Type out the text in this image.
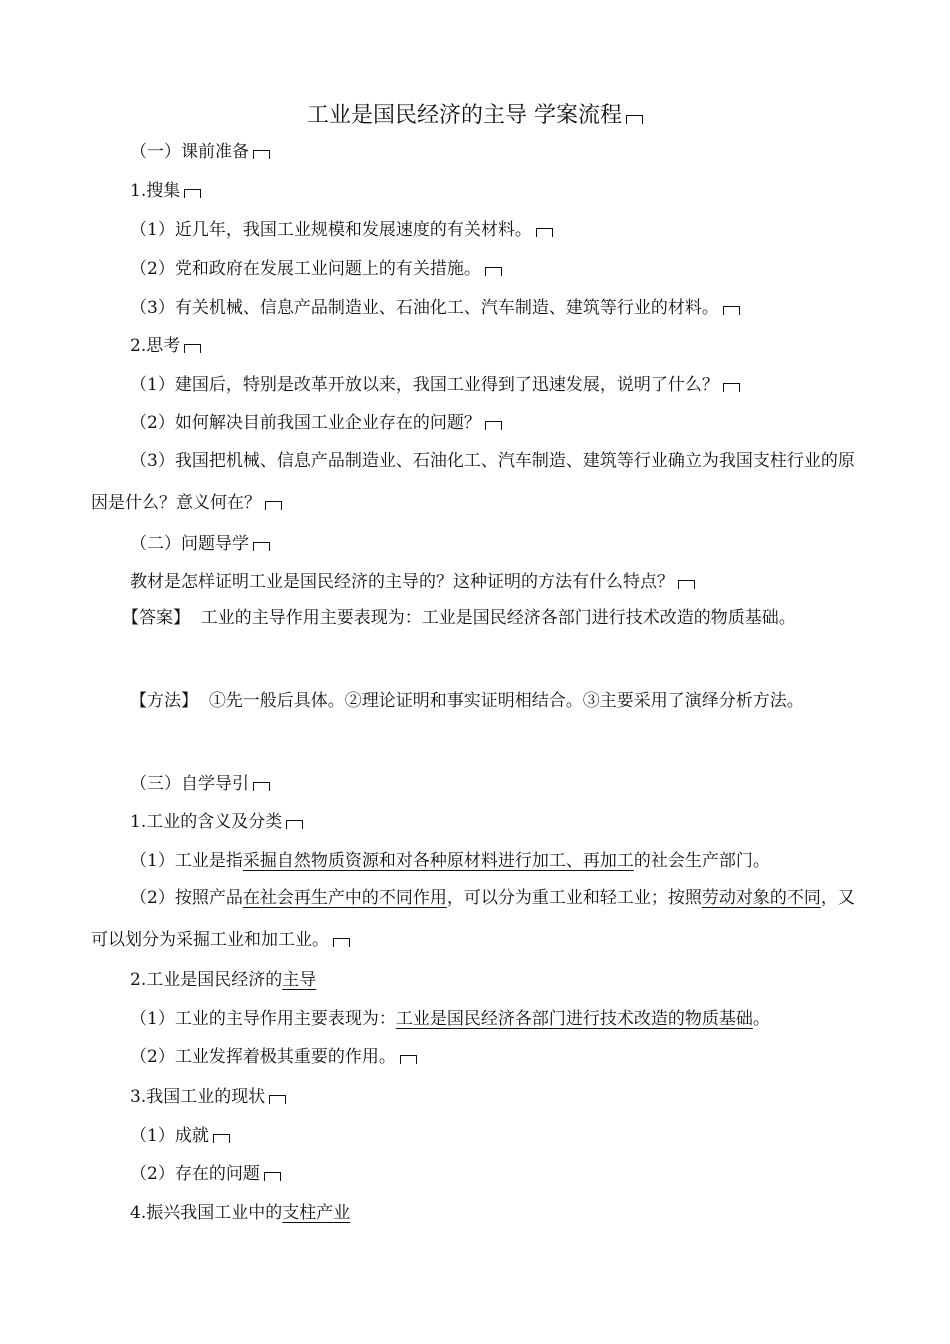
工业是国民经济的主导 学案流程
（一）课前准备
1.搜集
（1）近几年，我国工业规模和发展速度的有关材料。
（2）党和政府在发展工业问题上的有关措施。
（3）有关机械、信息产品制造业、石油化工、汽车制造、建筑等行业的材料。
2.思考
（1）建国后，特别是改革开放以来，我国工业得到了迅速发展，说明了什么？
（2）如何解决目前我国工业企业存在的问题？
（3）我国把机械、信息产品制造业、石油化工、汽车制造、建筑等行业确立为我国支柱行业的原因是什么？意义何在？
（二）问题导学
教材是怎样证明工业是国民经济的主导的？这种证明的方法有什么特点？
【答案】 工业的主导作用主要表现为：工业是国民经济各部门进行技术改造的物质基础。
【方法】 ①先一般后具体。②理论证明和事实证明相结合。③主要采用了演绎分析方法。
（三）自学导引
1.工业的含义及分类
（1）工业是指采掘自然物质资源和对各种原材料进行加工、再加工的社会生产部门。
（2）按照产品在社会再生产中的不同作用，可以分为重工业和轻工业；按照劳动对象的不同，又可以划分为采掘工业和加工业。
2.工业是国民经济的主导
（1）工业的主导作用主要表现为：工业是国民经济各部门进行技术改造的物质基础。
（2）工业发挥着极其重要的作用。
3.我国工业的现状
（1）成就
（2）存在的问题
4.振兴我国工业中的支柱产业
